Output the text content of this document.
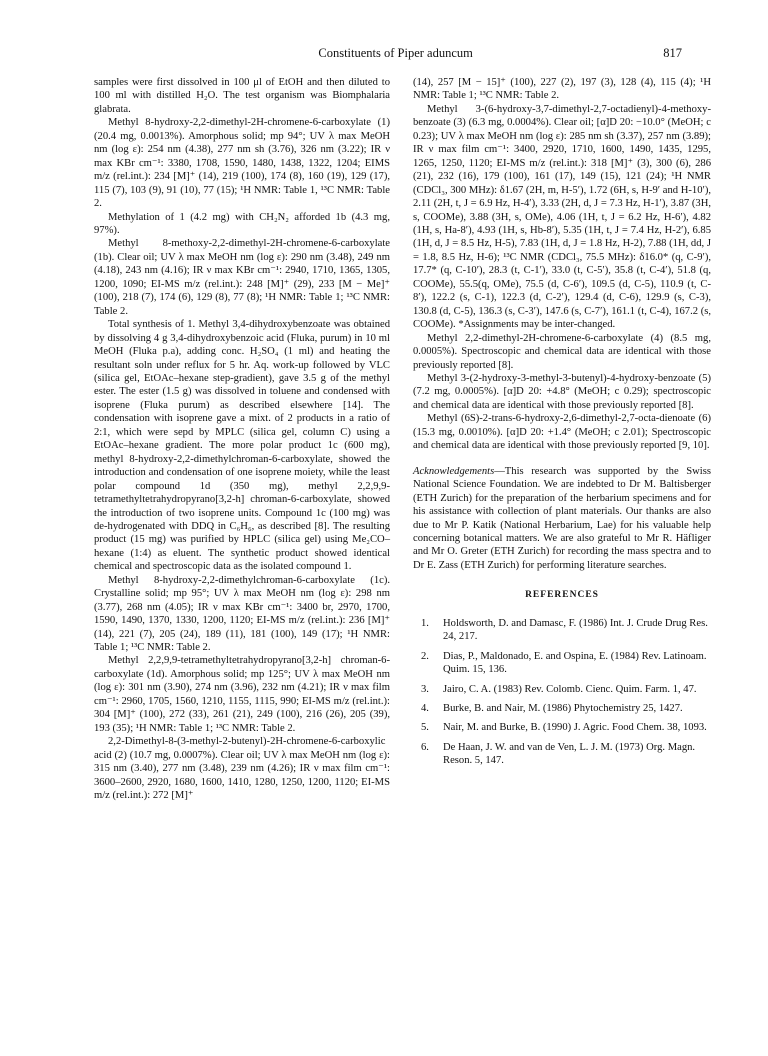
Constituents of Piper aduncum	817

samples were first dissolved in 100 μl of EtOH and then diluted to 100 ml with distilled H₂O. The test organism was Biomphalaria glabrata.

Methyl 8-hydroxy-2,2-dimethyl-2H-chromene-6-carboxylate (1) (20.4 mg, 0.0013%). Amorphous solid; mp 94°; UV λ max MeOH nm (log ε): 254 nm (4.38), 277 nm sh (3.76), 326 nm (3.22); IR ν max KBr cm⁻¹: 3380, 1708, 1590, 1480, 1438, 1322, 1204; EIMS m/z (rel.int.): 234 [M]⁺ (14), 219 (100), 174 (8), 160 (19), 129 (17), 115 (7), 103 (9), 91 (10), 77 (15); ¹H NMR: Table 1, ¹³C NMR: Table 2.

Methylation of 1 (4.2 mg) with CH₂N₂ afforded 1b (4.3 mg, 97%).

Methyl 8-methoxy-2,2-dimethyl-2H-chromene-6-carboxylate (1b). Clear oil; UV λ max MeOH nm (log ε): 290 nm (3.48), 249 nm (4.18), 243 nm (4.16); IR ν max KBr cm⁻¹: 2940, 1710, 1365, 1305, 1200, 1090; EI-MS m/z (rel.int.): 248 [M]⁺ (29), 233 [M − Me]⁺ (100), 218 (7), 174 (6), 129 (8), 77 (8); ¹H NMR: Table 1; ¹³C NMR: Table 2.

Total synthesis of 1. Methyl 3,4-dihydroxybenzoate was obtained by dissolving 4 g 3,4-dihydroxybenzoic acid (Fluka, purum) in 10 ml MeOH (Fluka p.a), adding conc. H₂SO₄ (1 ml) and heating the resultant soln under reflux for 5 hr. Aq. work-up followed by VLC (silica gel, EtOAc–hexane step-gradient), gave 3.5 g of the methyl ester. The ester (1.5 g) was dissolved in toluene and condensed with isoprene (Fluka purum) as described elsewhere [14]. The condensation with isoprene gave a mixt. of 2 products in a ratio of 2:1, which were sepd by MPLC (silica gel, column C) using a EtOAc–hexane gradient. The more polar product 1c (600 mg), methyl 8-hydroxy-2,2-dimethylchroman-6-carboxylate, showed the introduction and condensation of one isoprene moiety, while the least polar compound 1d (350 mg), methyl 2,2,9,9-tetramethyltetrahydropyrano[3,2-h] chroman-6-carboxylate, showed the introduction of two isoprene units. Compound 1c (100 mg) was de-hydrogenated with DDQ in C₆H₆, as described [8]. The resulting product (15 mg) was purified by HPLC (silica gel) using Me₂CO–hexane (1:4) as eluent. The synthetic product showed identical chemical and spectroscopic data as the isolated compound 1.

Methyl 8-hydroxy-2,2-dimethylchroman-6-carboxylate (1c). Crystalline solid; mp 95°; UV λ max MeOH nm (log ε): 298 nm (3.77), 268 nm (4.05); IR ν max KBr cm⁻¹: 3400 br, 2970, 1700, 1590, 1490, 1370, 1330, 1200, 1120; EI-MS m/z (rel.int.): 236 [M]⁺ (14), 221 (7), 205 (24), 189 (11), 181 (100), 149 (17); ¹H NMR: Table 1; ¹³C NMR: Table 2.

Methyl 2,2,9,9-tetramethyltetrahydropyrano[3,2-h] chroman-6-carboxylate (1d). Amorphous solid; mp 125°; UV λ max MeOH nm (log ε): 301 nm (3.90), 274 nm (3.96), 232 nm (4.21); IR ν max film cm⁻¹: 2960, 1705, 1560, 1210, 1155, 1115, 990; EI-MS m/z (rel.int.): 304 [M]⁺ (100), 272 (33), 261 (21), 249 (100), 216 (26), 205 (39), 193 (35); ¹H NMR: Table 1; ¹³C NMR: Table 2.

2,2-Dimethyl-8-(3-methyl-2-butenyl)-2H-chromene-6-carboxylic acid (2) (10.7 mg, 0.0007%). Clear oil; UV λ max MeOH nm (log ε): 315 nm (3.40), 277 nm (3.48), 239 nm (4.26); IR ν max film cm⁻¹: 3600–2600, 2920, 1680, 1600, 1410, 1280, 1250, 1200, 1120; EI-MS m/z (rel.int.): 272 [M]⁺

(14), 257 [M − 15]⁺ (100), 227 (2), 197 (3), 128 (4), 115 (4); ¹H NMR: Table 1; ¹³C NMR: Table 2.

Methyl 3-(6-hydroxy-3,7-dimethyl-2,7-octadienyl)-4-methoxy-benzoate (3) (6.3 mg, 0.0004%). Clear oil; [α]D 20: −10.0° (MeOH; c 0.23); UV λ max MeOH nm (log ε): 285 nm sh (3.37), 257 nm (3.89); IR ν max film cm⁻¹: 3400, 2920, 1710, 1600, 1490, 1435, 1295, 1265, 1250, 1120; EI-MS m/z (rel.int.): 318 [M]⁺ (3), 300 (6), 286 (21), 232 (16), 179 (100), 161 (17), 149 (15), 121 (24); ¹H NMR (CDCl₃, 300 MHz): δ1.67 (2H, m, H-5′), 1.72 (6H, s, H-9′ and H-10′), 2.11 (2H, t, J = 6.9 Hz, H-4′), 3.33 (2H, d, J = 7.3 Hz, H-1′), 3.87 (3H, s, COOMe), 3.88 (3H, s, OMe), 4.06 (1H, t, J = 6.2 Hz, H-6′), 4.82 (1H, s, Ha-8′), 4.93 (1H, s, Hb-8′), 5.35 (1H, t, J = 7.4 Hz, H-2′), 6.85 (1H, d, J = 8.5 Hz, H-5), 7.83 (1H, d, J = 1.8 Hz, H-2), 7.88 (1H, dd, J = 1.8, 8.5 Hz, H-6); ¹³C NMR (CDCl₃, 75.5 MHz): δ16.0* (q, C-9′), 17.7* (q, C-10′), 28.3 (t, C-1′), 33.0 (t, C-5′), 35.8 (t, C-4′), 51.8 (q, COOMe), 55.5(q, OMe), 75.5 (d, C-6′), 109.5 (d, C-5), 110.9 (t, C-8′), 122.2 (s, C-1), 122.3 (d, C-2′), 129.4 (d, C-6), 129.9 (s, C-3), 130.8 (d, C-5), 136.3 (s, C-3′), 147.6 (s, C-7′), 161.1 (t, C-4), 167.2 (s, COOMe). *Assignments may be inter-changed.

Methyl 2,2-dimethyl-2H-chromene-6-carboxylate (4) (8.5 mg, 0.0005%). Spectroscopic and chemical data are identical with those previously reported [8].

Methyl 3-(2-hydroxy-3-methyl-3-butenyl)-4-hydroxy-benzoate (5) (7.2 mg, 0.0005%). [α]D 20: +4.8° (MeOH; c 0.29); spectroscopic and chemical data are identical with those previously reported [8].

Methyl (6S)-2-trans-6-hydroxy-2,6-dimethyl-2,7-octa-dienoate (6) (15.3 mg, 0.0010%). [α]D 20: +1.4° (MeOH; c 2.01); Spectroscopic and chemical data are identical with those previously reported [9, 10].

Acknowledgements—This research was supported by the Swiss National Science Foundation. We are indebted to Dr M. Baltisberger (ETH Zurich) for the preparation of the herbarium specimens and for his assistance with collection of plant materials. Our thanks are also due to Mr P. Katik (National Herbarium, Lae) for his valuable help concerning botanical matters. We are also grateful to Mr R. Häfliger and Mr O. Greter (ETH Zurich) for recording the mass spectra and to Dr E. Zass (ETH Zurich) for performing literature searches.

REFERENCES
1. Holdsworth, D. and Damasc, F. (1986) Int. J. Crude Drug Res. 24, 217.
2. Dias, P., Maldonado, E. and Ospina, E. (1984) Rev. Latinoam. Quim. 15, 136.
3. Jairo, C. A. (1983) Rev. Colomb. Cienc. Quim. Farm. 1, 47.
4. Burke, B. and Nair, M. (1986) Phytochemistry 25, 1427.
5. Nair, M. and Burke, B. (1990) J. Agric. Food Chem. 38, 1093.
6. De Haan, J. W. and van de Ven, L. J. M. (1973) Org. Magn. Reson. 5, 147.
